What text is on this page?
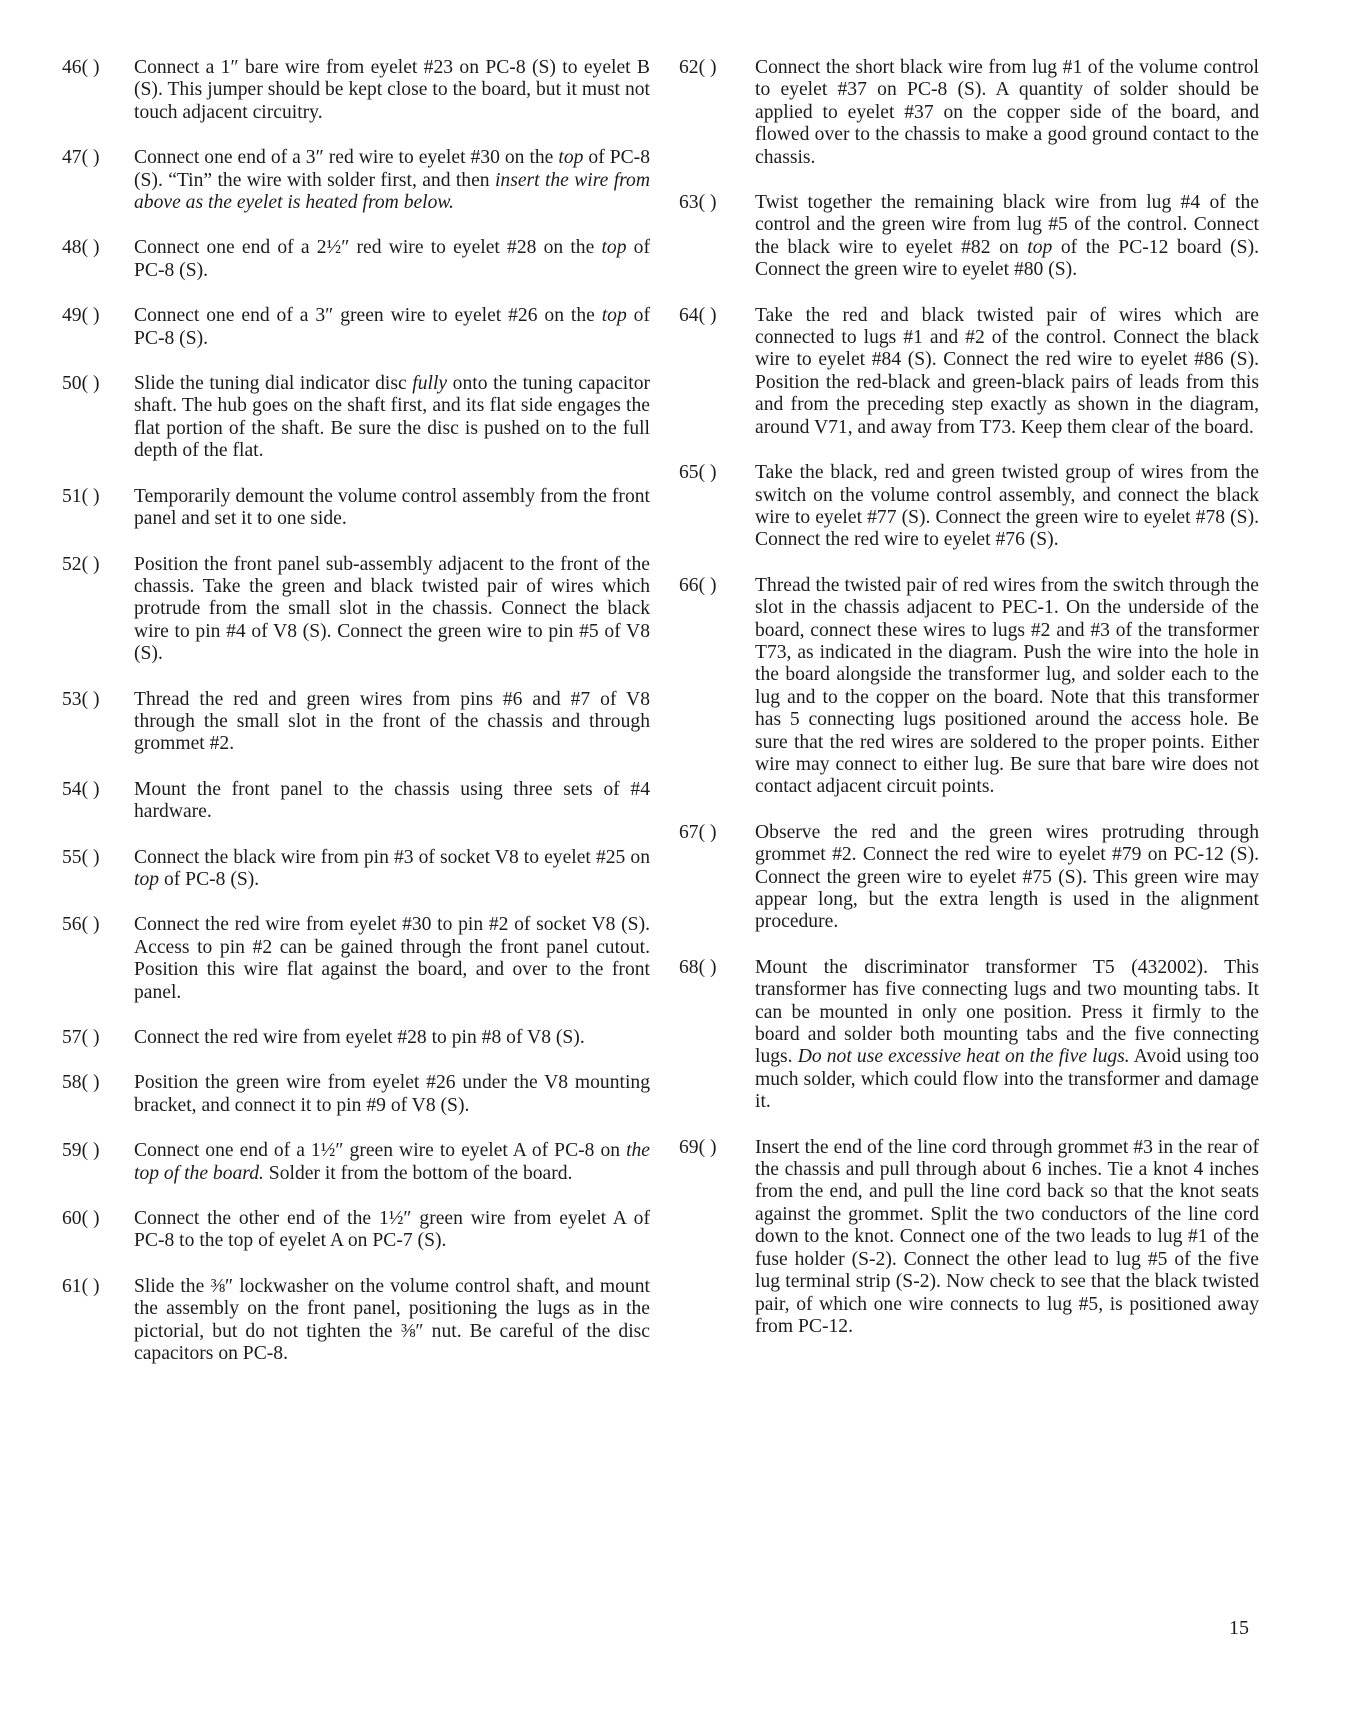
46( )	Connect a 1″ bare wire from eyelet #23 on PC-8 (S) to eyelet B (S). This jumper should be kept close to the board, but it must not touch adjacent circuitry.
47( )	Connect one end of a 3″ red wire to eyelet #30 on the top of PC-8 (S). “Tin” the wire with solder first, and then insert the wire from above as the eyelet is heated from below.
48( )	Connect one end of a 2½″ red wire to eyelet #28 on the top of PC-8 (S).
49( )	Connect one end of a 3″ green wire to eyelet #26 on the top of PC-8 (S).
50( )	Slide the tuning dial indicator disc fully onto the tuning capacitor shaft. The hub goes on the shaft first, and its flat side engages the flat portion of the shaft. Be sure the disc is pushed on to the full depth of the flat.
51( )	Temporarily demount the volume control assembly from the front panel and set it to one side.
52( )	Position the front panel sub-assembly adjacent to the front of the chassis. Take the green and black twisted pair of wires which protrude from the small slot in the chassis. Connect the black wire to pin #4 of V8 (S). Connect the green wire to pin #5 of V8 (S).
53( )	Thread the red and green wires from pins #6 and #7 of V8 through the small slot in the front of the chassis and through grommet #2.
54( )	Mount the front panel to the chassis using three sets of #4 hardware.
55( )	Connect the black wire from pin #3 of socket V8 to eyelet #25 on top of PC-8 (S).
56( )	Connect the red wire from eyelet #30 to pin #2 of socket V8 (S). Access to pin #2 can be gained through the front panel cutout. Position this wire flat against the board, and over to the front panel.
57( )	Connect the red wire from eyelet #28 to pin #8 of V8 (S).
58( )	Position the green wire from eyelet #26 under the V8 mounting bracket, and connect it to pin #9 of V8 (S).
59( )	Connect one end of a 1½″ green wire to eyelet A of PC-8 on the top of the board. Solder it from the bottom of the board.
60( )	Connect the other end of the 1½″ green wire from eyelet A of PC-8 to the top of eyelet A on PC-7 (S).
61( )	Slide the ⅜″ lockwasher on the volume control shaft, and mount the assembly on the front panel, positioning the lugs as in the pictorial, but do not tighten the ⅜″ nut. Be careful of the disc capacitors on PC-8.
62( )	Connect the short black wire from lug #1 of the volume control to eyelet #37 on PC-8 (S). A quantity of solder should be applied to eyelet #37 on the copper side of the board, and flowed over to the chassis to make a good ground contact to the chassis.
63( )	Twist together the remaining black wire from lug #4 of the control and the green wire from lug #5 of the control. Connect the black wire to eyelet #82 on top of the PC-12 board (S). Connect the green wire to eyelet #80 (S).
64( )	Take the red and black twisted pair of wires which are connected to lugs #1 and #2 of the control. Connect the black wire to eyelet #84 (S). Connect the red wire to eyelet #86 (S). Position the red-black and green-black pairs of leads from this and from the preceding step exactly as shown in the diagram, around V71, and away from T73. Keep them clear of the board.
65( )	Take the black, red and green twisted group of wires from the switch on the volume control assembly, and connect the black wire to eyelet #77 (S). Connect the green wire to eyelet #78 (S). Connect the red wire to eyelet #76 (S).
66( )	Thread the twisted pair of red wires from the switch through the slot in the chassis adjacent to PEC-1. On the underside of the board, connect these wires to lugs #2 and #3 of the transformer T73, as indicated in the diagram. Push the wire into the hole in the board alongside the transformer lug, and solder each to the lug and to the copper on the board. Note that this transformer has 5 connecting lugs positioned around the access hole. Be sure that the red wires are soldered to the proper points. Either wire may connect to either lug. Be sure that bare wire does not contact adjacent circuit points.
67( )	Observe the red and the green wires protruding through grommet #2. Connect the red wire to eyelet #79 on PC-12 (S). Connect the green wire to eyelet #75 (S). This green wire may appear long, but the extra length is used in the alignment procedure.
68( )	Mount the discriminator transformer T5 (432002). This transformer has five connecting lugs and two mounting tabs. It can be mounted in only one position. Press it firmly to the board and solder both mounting tabs and the five connecting lugs. Do not use excessive heat on the five lugs. Avoid using too much solder, which could flow into the transformer and damage it.
69( )	Insert the end of the line cord through grommet #3 in the rear of the chassis and pull through about 6 inches. Tie a knot 4 inches from the end, and pull the line cord back so that the knot seats against the grommet. Split the two conductors of the line cord down to the knot. Connect one of the two leads to lug #1 of the fuse holder (S-2). Connect the other lead to lug #5 of the five lug terminal strip (S-2). Now check to see that the black twisted pair, of which one wire connects to lug #5, is positioned away from PC-12.
15
